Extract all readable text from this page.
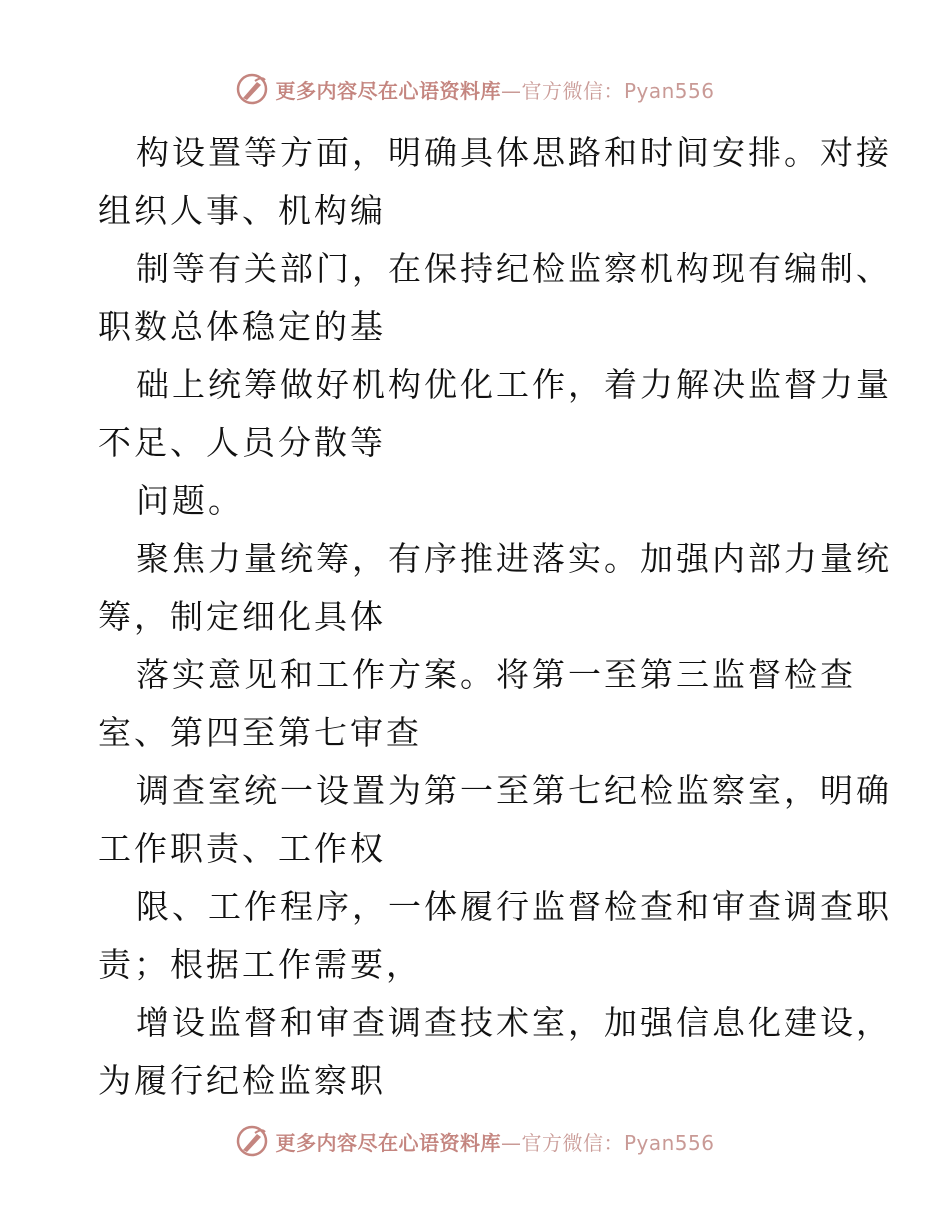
更多内容尽在心语资料库—官方微信：Pyan556
构设置等方面，明确具体思路和时间安排。对接
组织人事、机构编
制等有关部门，在保持纪检监察机构现有编制、
职数总体稳定的基
础上统筹做好机构优化工作，着力解决监督力量
不足、人员分散等
问题。
聚焦力量统筹，有序推进落实。加强内部力量统
筹，制定细化具体
落实意见和工作方案。将第一至第三监督检查
室、第四至第七审查
调查室统一设置为第一至第七纪检监察室，明确
工作职责、工作权
限、工作程序，一体履行监督检查和审查调查职
责；根据工作需要，
增设监督和审查调查技术室，加强信息化建设，
为履行纪检监察职
更多内容尽在心语资料库—官方微信：Pyan556
